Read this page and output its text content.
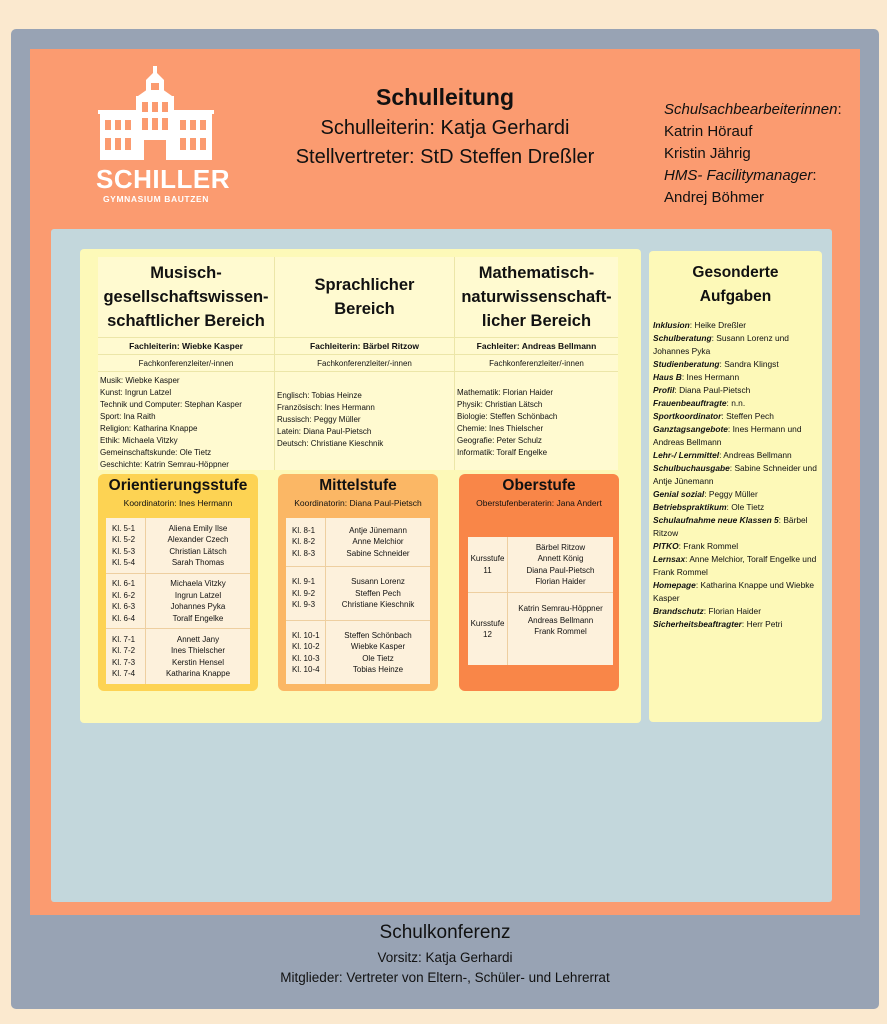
SCHILLER
GYMNASIUM BAUTZEN
Schulleitung
Schulleiterin: Katja Gerhardi
Stellvertreter: StD Steffen Dreßler
Schulsachbearbeiterinnen:
Katrin Hörauf
Kristin Jährig
HMS- Facilitymanager:
Andrej Böhmer
Musisch-
gesellschaftswissen-
schaftlicher Bereich
Fachleiterin: Wiebke Kasper
Fachkonferenzleiter/-innen
Musik: Wiebke Kasper
Kunst: Ingrun Latzel
Technik und Computer: Stephan Kasper
Sport: Ina Raith
Religion: Katharina Knappe
Ethik: Michaela Vitzky
Gemeinschaftskunde: Ole Tietz
Geschichte: Katrin Semrau-Höppner
Sprachlicher
Bereich
Fachleiterin: Bärbel Ritzow
Fachkonferenzleiter/-innen
Englisch: Tobias Heinze
Französisch: Ines Hermann
Russisch: Peggy Müller
Latein: Diana Paul-Pietsch
Deutsch: Christiane Kieschnik
Mathematisch-
naturwissenschaft-
licher Bereich
Fachleiter: Andreas Bellmann
Fachkonferenzleiter/-innen
Mathematik: Florian Haider
Physik: Christian Lätsch
Biologie: Steffen Schönbach
Chemie: Ines Thielscher
Geografie: Peter Schulz
Informatik: Toralf Engelke
Orientierungsstufe
Koordinatorin: Ines Hermann
Kl. 5-1
Kl. 5-2
Kl. 5-3
Kl. 5-4
Aliena Emily Ilse
Alexander Czech
Christian Lätsch
Sarah Thomas
Kl. 6-1
Kl. 6-2
Kl. 6-3
Kl. 6-4
Michaela Vitzky
Ingrun Latzel
Johannes Pyka
Toralf Engelke
Kl. 7-1
Kl. 7-2
Kl. 7-3
Kl. 7-4
Annett Jany
Ines Thielscher
Kerstin Hensel
Katharina Knappe
Mittelstufe
Koordinatorin: Diana Paul-Pietsch
Kl. 8-1
Kl. 8-2
Kl. 8-3
Antje Jünemann
Anne Melchior
Sabine Schneider
Kl. 9-1
Kl. 9-2
Kl. 9-3
Susann Lorenz
Steffen Pech
Christiane Kieschnik
Kl. 10-1
Kl. 10-2
Kl. 10-3
Kl. 10-4
Steffen Schönbach
Wiebke Kasper
Ole Tietz
Tobias Heinze
Oberstufe
Oberstufenberaterin: Jana Andert
Kursstufe
11
Bärbel Ritzow
Annett König
Diana Paul-Pietsch
Florian Haider
Kursstufe
12
Katrin Semrau-Höppner
Andreas Bellmann
Frank Rommel
Gesonderte
Aufgaben
Inklusion: Heike Dreßler
Schulberatung: Susann Lorenz und Johannes Pyka
Studienberatung: Sandra Klingst
Haus B: Ines Hermann
Profil: Diana Paul-Pietsch
Frauenbeauftragte: n.n.
Sportkoordinator: Steffen Pech
Ganztagsangebote: Ines Hermann und Andreas Bellmann
Lehr-/ Lernmittel: Andreas Bellmann
Schulbuchausgabe: Sabine Schneider und Antje Jünemann
Genial sozial: Peggy Müller
Betriebspraktikum: Ole Tietz
Schulaufnahme neue Klassen 5: Bärbel Ritzow
PITKO: Frank Rommel
Lernsax: Anne Melchior, Toralf Engelke und Frank Rommel
Homepage: Katharina Knappe und Wiebke Kasper
Brandschutz: Florian Haider
Sicherheitsbeaftragter: Herr Petri
Schulkonferenz
Vorsitz: Katja Gerhardi
Mitglieder: Vertreter von Eltern-, Schüler- und Lehrerrat
